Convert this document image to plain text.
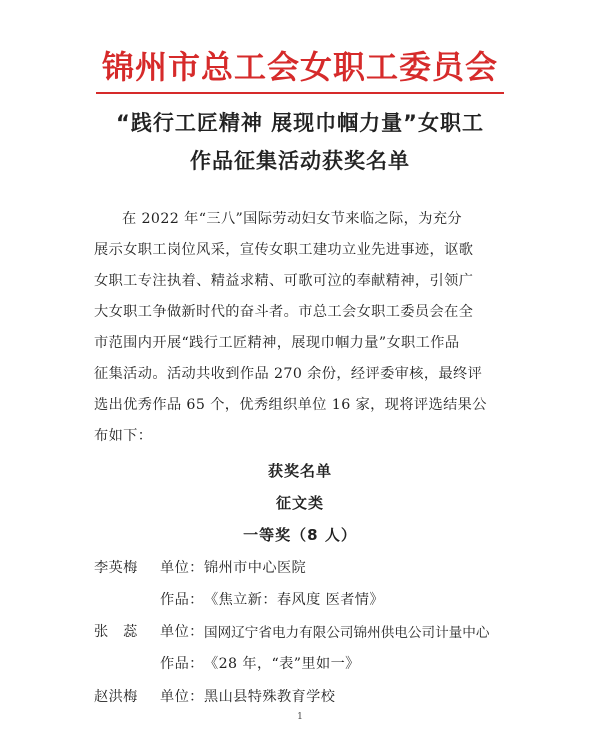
锦州市总工会女职工委员会
“践行工匠精神 展现巾帼力量”女职工
作品征集活动获奖名单
在 2022 年“三八”国际劳动妇女节来临之际，为充分
展示女职工岗位风采，宣传女职工建功立业先进事迹，讴歌
女职工专注执着、精益求精、可歌可泣的奉献精神，引领广
大女职工争做新时代的奋斗者。市总工会女职工委员会在全
市范围内开展“践行工匠精神，展现巾帼力量”女职工作品
征集活动。活动共收到作品 270 余份，经评委审核，最终评
选出优秀作品 65 个，优秀组织单位 16 家，现将评选结果公
布如下：
获奖名单
征文类
一等奖（8 人）
李英梅 单位： 锦州市中心医院
作品： 《焦立新：春风度 医者情》
张　蕊 单位： 国网辽宁省电力有限公司锦州供电公司计量中心
作品： 《28 年，“表”里如一》
赵洪梅 单位： 黑山县特殊教育学校
1
